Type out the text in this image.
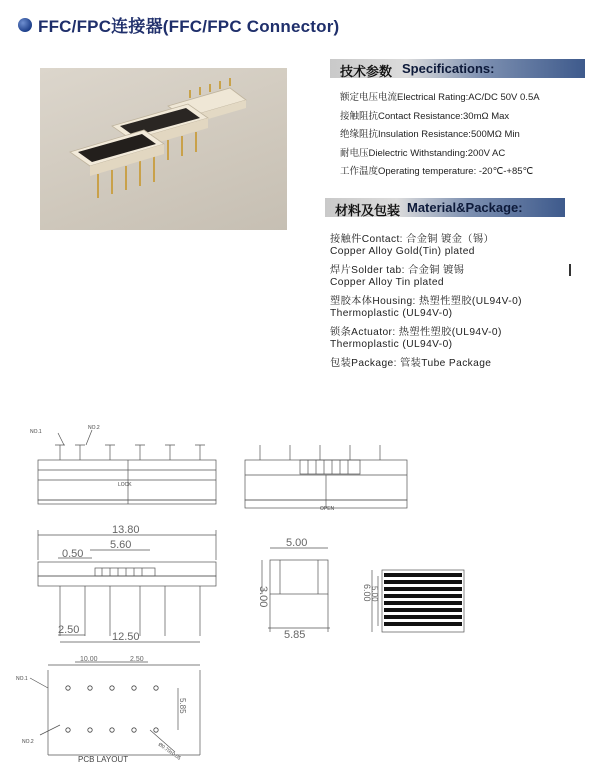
FFC/FPC连接器(FFC/FPC Connector)
技术参数 Specifications:
额定电压电流Electrical Rating:AC/DC 50V 0.5A
接触阻抗Contact Resistance:30mΩ Max
绝缘阻抗Insulation Resistance:500MΩ Min
耐电压Dielectric Withstanding:200V AC
工作温度Operating temperature: -20℃-+85℃
材料及包装 Material&Package:
接触件Contact: 合金铜 镀金（锡）
Copper Alloy Gold(Tin) plated
焊片Solder tab: 合金铜 镀锡
Copper Alloy Tin plated
塑胶本体Housing: 热塑性塑胶(UL94V-0)
Thermoplastic (UL94V-0)
锁条Actuator: 热塑性塑胶(UL94V-0)
Thermoplastic (UL94V-0)
包装Package: 管装Tube Package
NO.1
NO.2
LOCK
OPEN
PCB LAYOUT	Ø0.70±0.05
NO.1
NO.2
13.80
5.60
0.50
2.50
12.50
5.00
3.00
5.85
6.00
5.00
10.00	2.50
5.85
